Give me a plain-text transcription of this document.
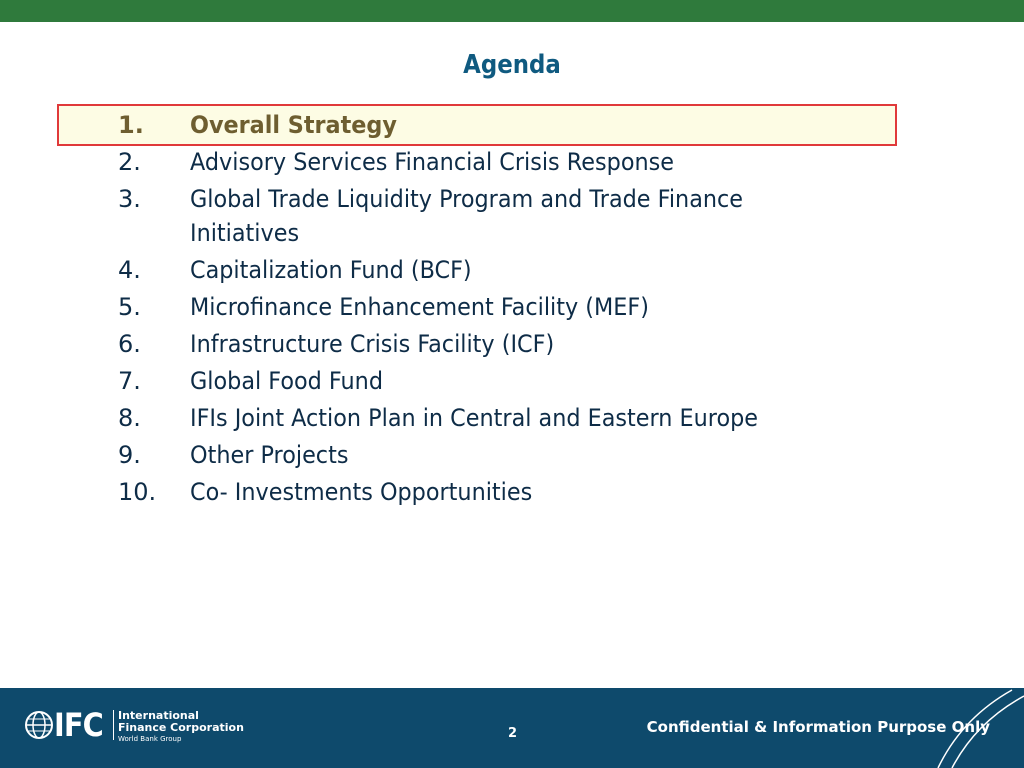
Agenda
1. Overall Strategy
2. Advisory Services Financial Crisis Response
3. Global Trade Liquidity Program and Trade Finance Initiatives
4. Capitalization Fund (BCF)
5. Microfinance Enhancement Facility (MEF)
6. Infrastructure Crisis Facility (ICF)
7. Global Food Fund
8. IFIs Joint Action Plan in Central and Eastern Europe
9. Other Projects
10. Co- Investments Opportunities
IFC International
Finance Corporation
World Bank Group	2	Confidential & Information Purpose Only
